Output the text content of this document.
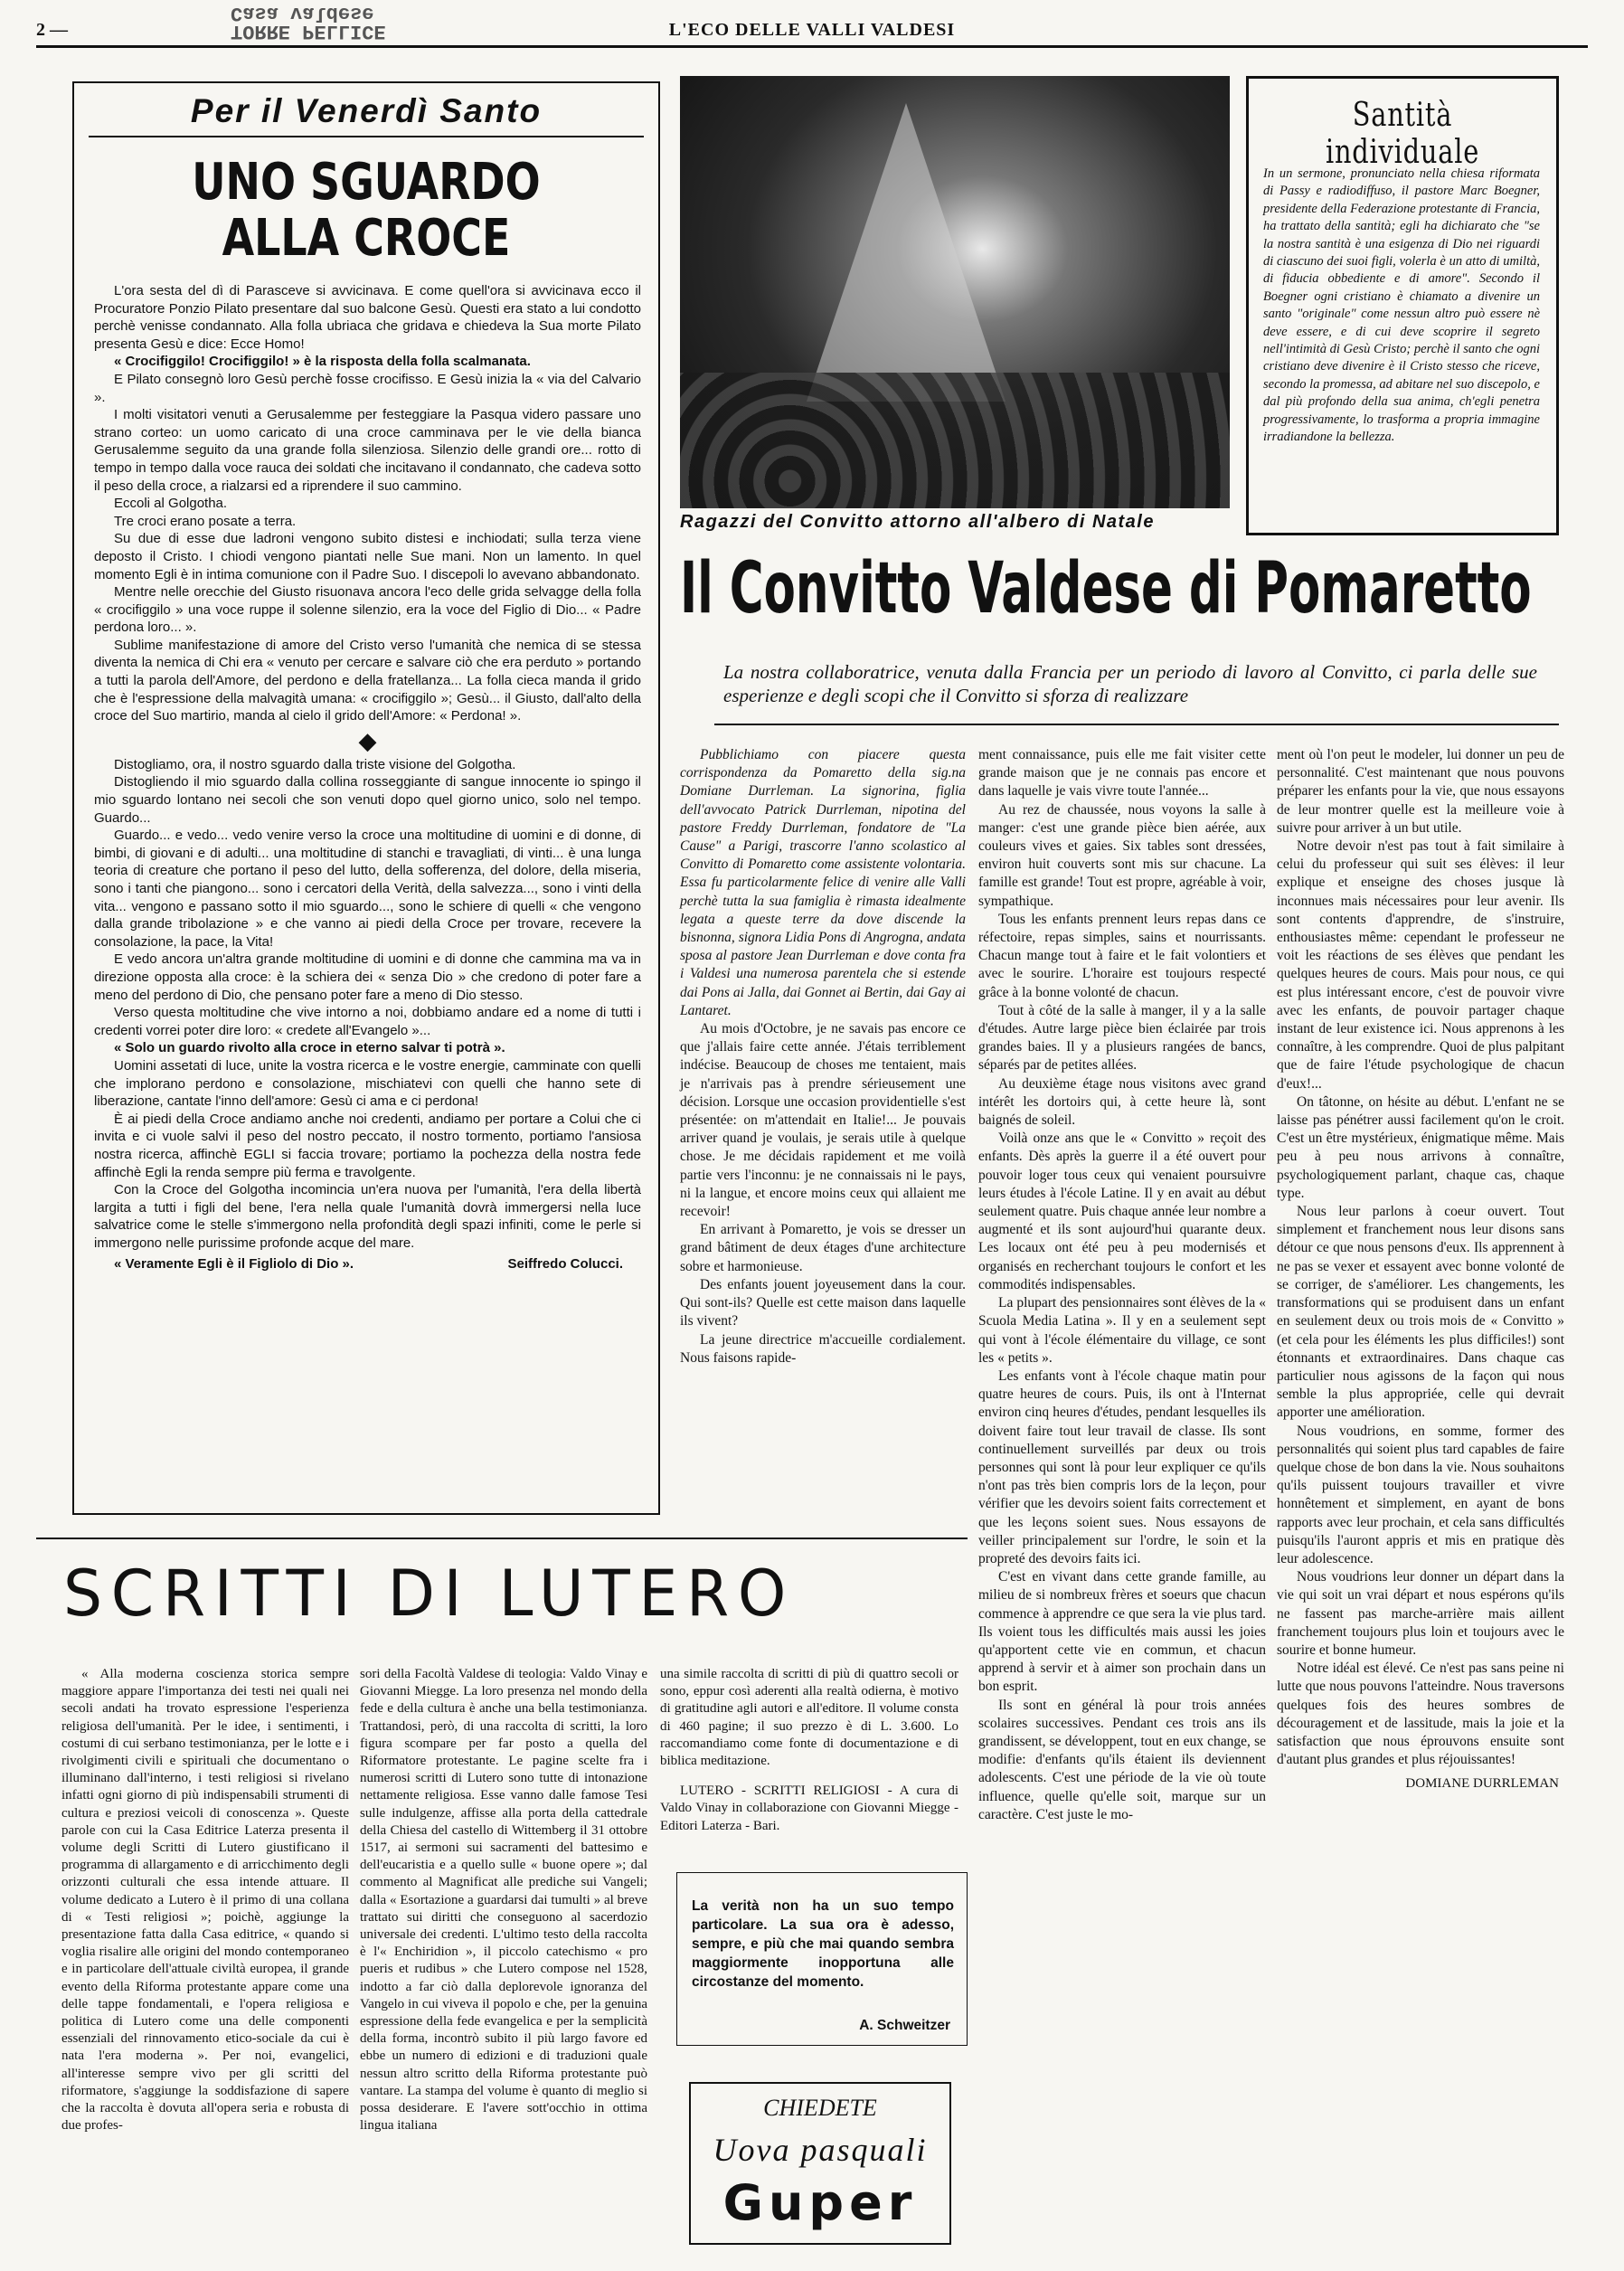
2 —
Casa valdese
TORRE PELLICE	L'ECO DELLE VALLI VALDESI
Per il Venerdì Santo
UNO SGUARDO
ALLA CROCE

L'ora sesta del dì di Parasceve si avvicinava. E come quell'ora si avvicinava ecco il Procuratore Ponzio Pilato presentare dal suo balcone Gesù. Questi era stato a lui condotto perchè venisse condannato. Alla folla ubriaca che gridava e chiedeva la Sua morte Pilato presenta Gesù e dice: Ecce Homo!

« Crocifiggilo! Crocifiggilo! » è la risposta della folla scalmanata.

E Pilato consegnò loro Gesù perchè fosse crocifisso. E Gesù inizia la « via del Calvario ».

I molti visitatori venuti a Gerusalemme per festeggiare la Pasqua videro passare uno strano corteo: un uomo caricato di una croce camminava per le vie della bianca Gerusalemme seguito da una grande folla silenziosa. Silenzio delle grandi ore... rotto di tempo in tempo dalla voce rauca dei soldati che incitavano il condannato, che cadeva sotto il peso della croce, a rialzarsi ed a riprendere il suo cammino.

Eccoli al Golgotha.

Tre croci erano posate a terra.

Su due di esse due ladroni vengono subito distesi e inchiodati; sulla terza viene deposto il Cristo. I chiodi vengono piantati nelle Sue mani. Non un lamento. In quel momento Egli è in intima comunione con il Padre Suo. I discepoli lo avevano abbandonato.

Mentre nelle orecchie del Giusto risuonava ancora l'eco delle grida selvagge della folla « crocifiggilo » una voce ruppe il solenne silenzio, era la voce del Figlio di Dio... « Padre perdona loro... ».

Sublime manifestazione di amore del Cristo verso l'umanità che nemica di se stessa diventa la nemica di Chi era « venuto per cercare e salvare ciò che era perduto » portando a tutti la parola dell'Amore, del perdono e della fratellanza... La folla cieca manda il grido che è l'espressione della malvagità umana: « crocifiggilo »; Gesù... il Giusto, dall'alto della croce del Suo martirio, manda al cielo il grido dell'Amore: « Perdona! ».

◆

Distogliamo, ora, il nostro sguardo dalla triste visione del Golgotha.

Distogliendo il mio sguardo dalla collina rosseggiante di sangue innocente io spingo il mio sguardo lontano nei secoli che son venuti dopo quel giorno unico, solo nel tempo. Guardo...

Guardo... e vedo... vedo venire verso la croce una moltitudine di uomini e di donne, di bimbi, di giovani e di adulti... una moltitudine di stanchi e travagliati, di vinti... è una lunga teoria di creature che portano il peso del lutto, della sofferenza, del dolore, della miseria, sono i tanti che piangono... sono i cercatori della Verità, della salvezza..., sono i vinti della vita... vengono e passano sotto il mio sguardo..., sono le schiere di quelli « che vengono dalla grande tribolazione » e che vanno ai piedi della Croce per trovare, recevere la consolazione, la pace, la Vita!

E vedo ancora un'altra grande moltitudine di uomini e di donne che cammina ma va in direzione opposta alla croce: è la schiera dei « senza Dio » che credono di poter fare a meno del perdono di Dio, che pensano poter fare a meno di Dio stesso.

Verso questa moltitudine che vive intorno a noi, dobbiamo andare ed a nome di tutti i credenti vorrei poter dire loro: « credete all'Evangelo »...

« Solo un guardo rivolto alla croce in eterno salvar ti potrà ».

Uomini assetati di luce, unite la vostra ricerca e le vostre energie, camminate con quelli che implorano perdono e consolazione, mischiatevi con quelli che hanno sete di liberazione, cantate l'inno dell'amore: Gesù ci ama e ci perdona!

È ai piedi della Croce andiamo anche noi credenti, andiamo per portare a Colui che ci invita e ci vuole salvi il peso del nostro peccato, il nostro tormento, portiamo l'ansiosa nostra ricerca, affinchè EGLI si faccia trovare; portiamo la pochezza della nostra fede affinchè Egli la renda sempre più ferma e travolgente.

Con la Croce del Golgotha incomincia un'era nuova per l'umanità, l'era della libertà largita a tutti i figli del bene, l'era nella quale l'umanità dovrà immergersi nella luce salvatrice come le stelle s'immergono nella profondità degli spazi infiniti, come le perle si immergono nelle purissime profonde acque del mare.

« Veramente Egli è il Figliolo di Dio ».	Seiffredo Colucci.
Ragazzi del Convitto attorno all'albero di Natale
Santità individuale
In un sermone, pronunciato nella chiesa riformata di Passy e radiodiffuso, il pastore Marc Boegner, presidente della Federazione protestante di Francia, ha trattato della santità; egli ha dichiarato che "se la nostra santità è una esigenza di Dio nei riguardi di ciascuno dei suoi figli, volerla è un atto di umiltà, di fiducia obbediente e di amore". Secondo il Boegner ogni cristiano è chiamato a divenire un santo "originale" come nessun altro può essere nè deve essere, e di cui deve scoprire il segreto nell'intimità di Gesù Cristo; perchè il santo che ogni cristiano deve divenire è il Cristo stesso che riceve, secondo la promessa, ad abitare nel suo discepolo, e dal più profondo della sua anima, ch'egli penetra progressivamente, lo trasforma a propria immagine irradiandone la bellezza.
Il Convitto Valdese di Pomaretto
La nostra collaboratrice, venuta dalla Francia per un periodo di lavoro al Convitto, ci parla delle sue esperienze e degli scopi che il Convitto si sforza di realizzare

Pubblichiamo con piacere questa corrispondenza da Pomaretto della sig.na Domiane Durrleman. La signorina, figlia dell'avvocato Patrick Durrleman, nipotina del pastore Freddy Durrleman, fondatore de "La Cause" a Parigi, trascorre l'anno scolastico al Convitto di Pomaretto come assistente volontaria. Essa fu particolarmente felice di venire alle Valli perchè tutta la sua famiglia è rimasta idealmente legata a queste terre da dove discende la bisnonna, signora Lidia Pons di Angrogna, andata sposa al pastore Jean Durrleman e dove conta fra i Valdesi una numerosa parentela che si estende dai Pons ai Jalla, dai Gonnet ai Bertin, dai Gay ai Lantaret.

Au mois d'Octobre, je ne savais pas encore ce que j'allais faire cette année. J'étais terriblement indécise. Beaucoup de choses me tentaient, mais je n'arrivais pas à prendre sérieusement une décision. Lorsque une occasion providentielle s'est présentée: on m'attendait en Italie!... Je pouvais arriver quand je voulais, je serais utile à quelque chose. Je me décidais rapidement et me voilà partie vers l'inconnu: je ne connaissais ni le pays, ni la langue, et encore moins ceux qui allaient me recevoir!

En arrivant à Pomaretto, je vois se dresser un grand bâtiment de deux étages d'une architecture sobre et harmonieuse.

Des enfants jouent joyeusement dans la cour. Qui sont-ils? Quelle est cette maison dans laquelle ils vivent?

La jeune directrice m'accueille cordialement. Nous faisons rapide-

ment connaissance, puis elle me fait visiter cette grande maison que je ne connais pas encore et dans laquelle je vais vivre toute l'année...

Au rez de chaussée, nous voyons la salle à manger: c'est une grande pièce bien aérée, aux couleurs vives et gaies. Six tables sont dressées, environ huit couverts sont mis sur chacune. La famille est grande! Tout est propre, agréable à voir, sympathique.

Tous les enfants prennent leurs repas dans ce réfectoire, repas simples, sains et nourrissants. Chacun mange tout à faire et le fait volontiers et avec le sourire. L'horaire est toujours respecté grâce à la bonne volonté de chacun.

Tout à côté de la salle à manger, il y a la salle d'études. Autre large pièce bien éclairée par trois grandes baies. Il y a plusieurs rangées de bancs, séparés par de petites allées.

Au deuxième étage nous visitons avec grand intérêt les dortoirs qui, à cette heure là, sont baignés de soleil.

Voilà onze ans que le « Convitto » reçoit des enfants. Dès après la guerre il a été ouvert pour pouvoir loger tous ceux qui venaient poursuivre leurs études à l'école Latine. Il y en avait au début seulement quatre. Puis chaque année leur nombre a augmenté et ils sont aujourd'hui quarante deux. Les locaux ont été peu à peu modernisés et organisés en recherchant toujours le confort et les commodités indispensables.

La plupart des pensionnaires sont élèves de la « Scuola Media Latina ». Il y en a seulement sept qui vont à l'école élémentaire du village, ce sont les « petits ».

Les enfants vont à l'école chaque matin pour quatre heures de cours. Puis, ils ont à l'Internat environ cinq heures d'études, pendant lesquelles ils doivent faire tout leur travail de classe. Ils sont continuellement surveillés par deux ou trois personnes qui sont là pour leur expliquer ce qu'ils n'ont pas très bien compris lors de la leçon, pour vérifier que les devoirs soient faits correctement et que les leçons soient sues. Nous essayons de veiller principalement sur l'ordre, le soin et la propreté des devoirs faits ici.

C'est en vivant dans cette grande famille, au milieu de si nombreux frères et soeurs que chacun commence à apprendre ce que sera la vie plus tard. Ils voient tous les difficultés mais aussi les joies qu'apportent cette vie en commun, et chacun apprend à servir et à aimer son prochain dans un bon esprit.

Ils sont en général là pour trois années scolaires successives. Pendant ces trois ans ils grandissent, se développent, tout en eux change, se modifie: d'enfants qu'ils étaient ils deviennent adolescents. C'est une période de la vie où toute influence, quelle qu'elle soit, marque sur un caractère. C'est juste le mo-

ment où l'on peut le modeler, lui donner un peu de personnalité. C'est maintenant que nous pouvons préparer les enfants pour la vie, que nous essayons de leur montrer quelle est la meilleure voie à suivre pour arriver à un but utile.

Notre devoir n'est pas tout à fait similaire à celui du professeur qui suit ses élèves: il leur explique et enseigne des choses jusque là inconnues mais nécessaires pour leur avenir. Ils sont contents d'apprendre, de s'instruire, enthousiastes même: cependant le professeur ne voit les réactions de ses élèves que pendant les quelques heures de cours. Mais pour nous, ce qui est plus intéressant encore, c'est de pouvoir vivre avec les enfants, de pouvoir partager chaque instant de leur existence ici. Nous apprenons à les connaître, à les comprendre. Quoi de plus palpitant que de faire l'étude psychologique de chacun d'eux!...

On tâtonne, on hésite au début. L'enfant ne se laisse pas pénétrer aussi facilement qu'on le croit. C'est un être mystérieux, énigmatique même. Mais peu à peu nous arrivons à connaître, psychologiquement parlant, chaque cas, chaque type.

Nous leur parlons à coeur ouvert. Tout simplement et franchement nous leur disons sans détour ce que nous pensons d'eux. Ils apprennent à ne pas se vexer et essayent avec bonne volonté de se corriger, de s'améliorer. Les changements, les transformations qui se produisent dans un enfant en seulement deux ou trois mois de « Convitto » (et cela pour les éléments les plus difficiles!) sont étonnants et extraordinaires. Dans chaque cas particulier nous agissons de la façon qui nous semble la plus appropriée, celle qui devrait apporter une amélioration.

Nous voudrions, en somme, former des personnalités qui soient plus tard capables de faire quelque chose de bon dans la vie. Nous souhaitons qu'ils puissent toujours travailler et vivre honnêtement et simplement, en ayant de bons rapports avec leur prochain, et cela sans difficultés puisqu'ils l'auront appris et mis en pratique dès leur adolescence.

Nous voudrions leur donner un départ dans la vie qui soit un vrai départ et nous espérons qu'ils ne fassent pas marche-arrière mais aillent franchement toujours plus loin et toujours avec le sourire et bonne humeur.

Notre idéal est élevé. Ce n'est pas sans peine ni lutte que nous pouvons l'atteindre. Nous traversons quelques fois des heures sombres de découragement et de lassitude, mais la joie et la satisfaction que nous éprouvons ensuite sont d'autant plus grandes et plus réjouissantes!

DOMIANE DURRLEMAN
SCRITTI DI LUTERO

« Alla moderna coscienza storica sempre maggiore appare l'importanza dei testi nei quali nei secoli andati ha trovato espressione l'esperienza religiosa dell'umanità. Per le idee, i sentimenti, i costumi di cui serbano testimonianza, per le lotte e i rivolgimenti civili e spirituali che documentano o illuminano dall'interno, i testi religiosi si rivelano infatti ogni giorno di più indispensabili strumenti di cultura e preziosi veicoli di conoscenza ». Queste parole con cui la Casa Editrice Laterza presenta il volume degli Scritti di Lutero giustificano il programma di allargamento e di arricchimento degli orizzonti culturali che essa intende attuare. Il volume dedicato a Lutero è il primo di una collana di « Testi religiosi »; poichè, aggiunge la presentazione fatta dalla Casa editrice, « quando si voglia risalire alle origini del mondo contemporaneo e in particolare dell'attuale civiltà europea, il grande evento della Riforma protestante appare come una delle tappe fondamentali, e l'opera religiosa e politica di Lutero come una delle componenti essenziali del rinnovamento etico-sociale da cui è nata l'era moderna ». Per noi, evangelici, all'interesse sempre vivo per gli scritti del riformatore, s'aggiunge la soddisfazione di sapere che la raccolta è dovuta all'opera seria e robusta di due profes-

sori della Facoltà Valdese di teologia: Valdo Vinay e Giovanni Miegge. La loro presenza nel mondo della fede e della cultura è anche una bella testimonianza. Trattandosi, però, di una raccolta di scritti, la loro figura scompare per far posto a quella del Riformatore protestante. Le pagine scelte fra i numerosi scritti di Lutero sono tutte di intonazione nettamente religiosa. Esse vanno dalle famose Tesi sulle indulgenze, affisse alla porta della cattedrale della Chiesa del castello di Wittemberg il 31 ottobre 1517, ai sermoni sui sacramenti del battesimo e dell'eucaristia e a quello sulle « buone opere »; dal commento al Magnificat alle prediche sui Vangeli; dalla « Esortazione a guardarsi dai tumulti » al breve trattato sui diritti che conseguono al sacerdozio universale dei credenti. L'ultimo testo della raccolta è l'« Enchiridion », il piccolo catechismo « pro pueris et rudibus » che Lutero compose nel 1528, indotto a far ciò dalla deplorevole ignoranza del Vangelo in cui viveva il popolo e che, per la genuina espressione della fede evangelica e per la semplicità della forma, incontrò subito il più largo favore ed ebbe un numero di edizioni e di traduzioni quale nessun altro scritto della Riforma protestante può vantare. La stampa del volume è quanto di meglio si possa desiderare. E l'avere sott'occhio in ottima lingua italiana

una simile raccolta di scritti di più di quattro secoli or sono, eppur così aderenti alla realtà odierna, è motivo di gratitudine agli autori e all'editore. Il volume consta di 460 pagine; il suo prezzo è di L. 3.600. Lo raccomandiamo come fonte di documentazione e di biblica meditazione.

LUTERO - SCRITTI RELIGIOSI - A cura di Valdo Vinay in collaborazione con Giovanni Miegge - Editori Laterza - Bari.

La verità non ha un suo tempo particolare. La sua ora è adesso, sempre, e più che mai quando sembra maggiormente inopportuna alle circostanze del momento.
A. Schweitzer
CHIEDETE
Uova pasquali
Guper
